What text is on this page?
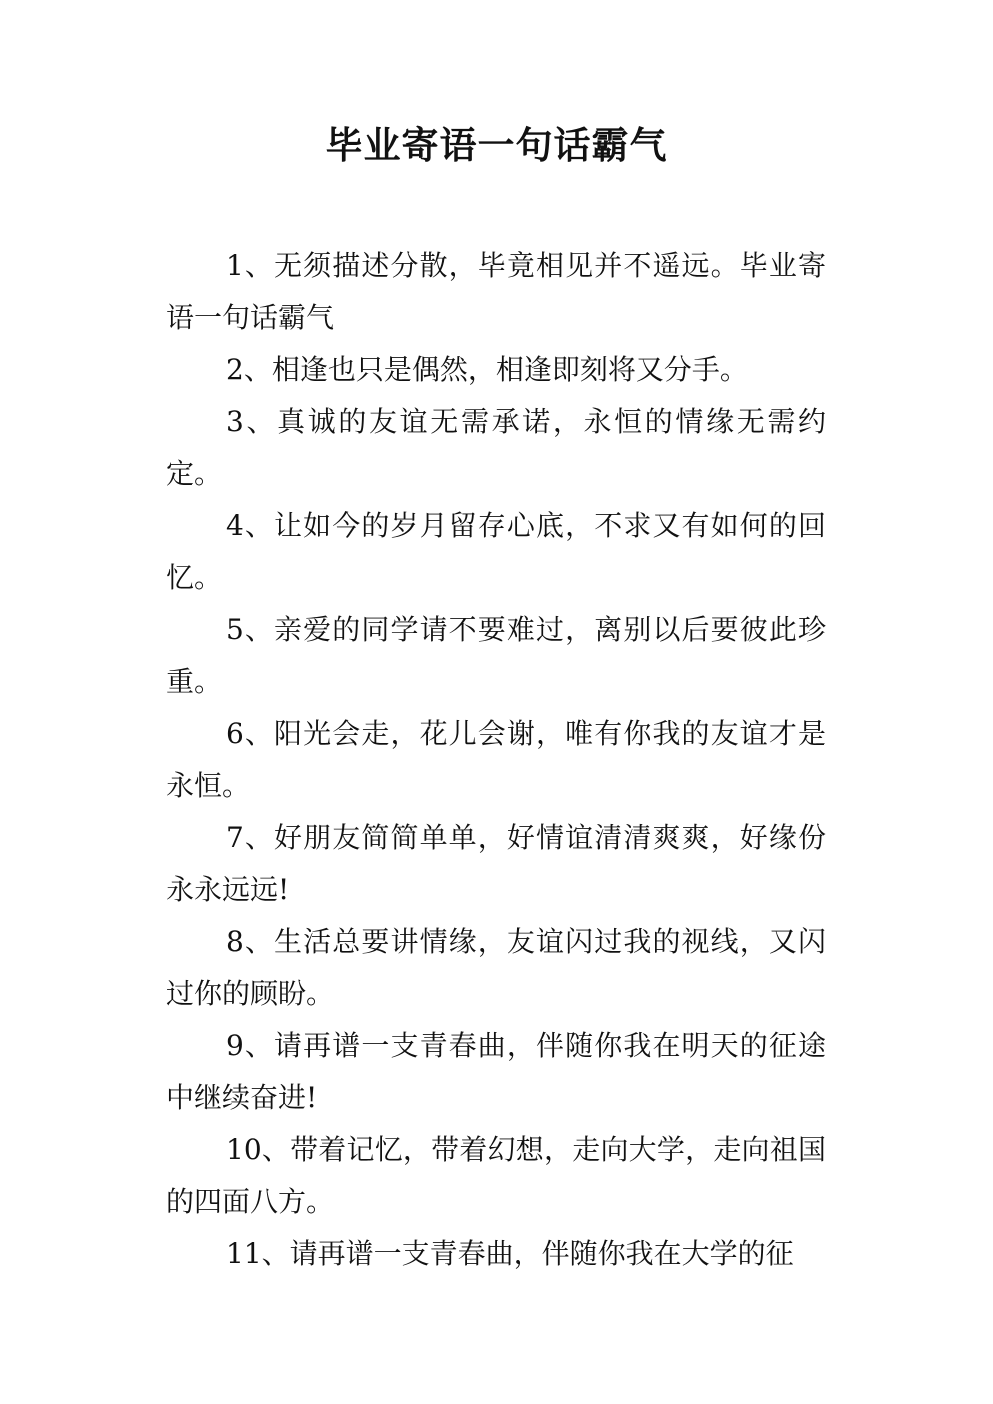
毕业寄语一句话霸气

1、无须描述分散，毕竟相见并不遥远。毕业寄语一句话霸气

2、相逢也只是偶然，相逢即刻将又分手。

3、真诚的友谊无需承诺，永恒的情缘无需约定。

4、让如今的岁月留存心底，不求又有如何的回忆。

5、亲爱的同学请不要难过，离别以后要彼此珍重。

6、阳光会走，花儿会谢，唯有你我的友谊才是永恒。

7、好朋友简简单单，好情谊清清爽爽，好缘份永永远远!

8、生活总要讲情缘，友谊闪过我的视线，又闪过你的顾盼。

9、请再谱一支青春曲，伴随你我在明天的征途中继续奋进!

10、带着记忆，带着幻想，走向大学，走向祖国的四面八方。

11、请再谱一支青春曲，伴随你我在大学的征
